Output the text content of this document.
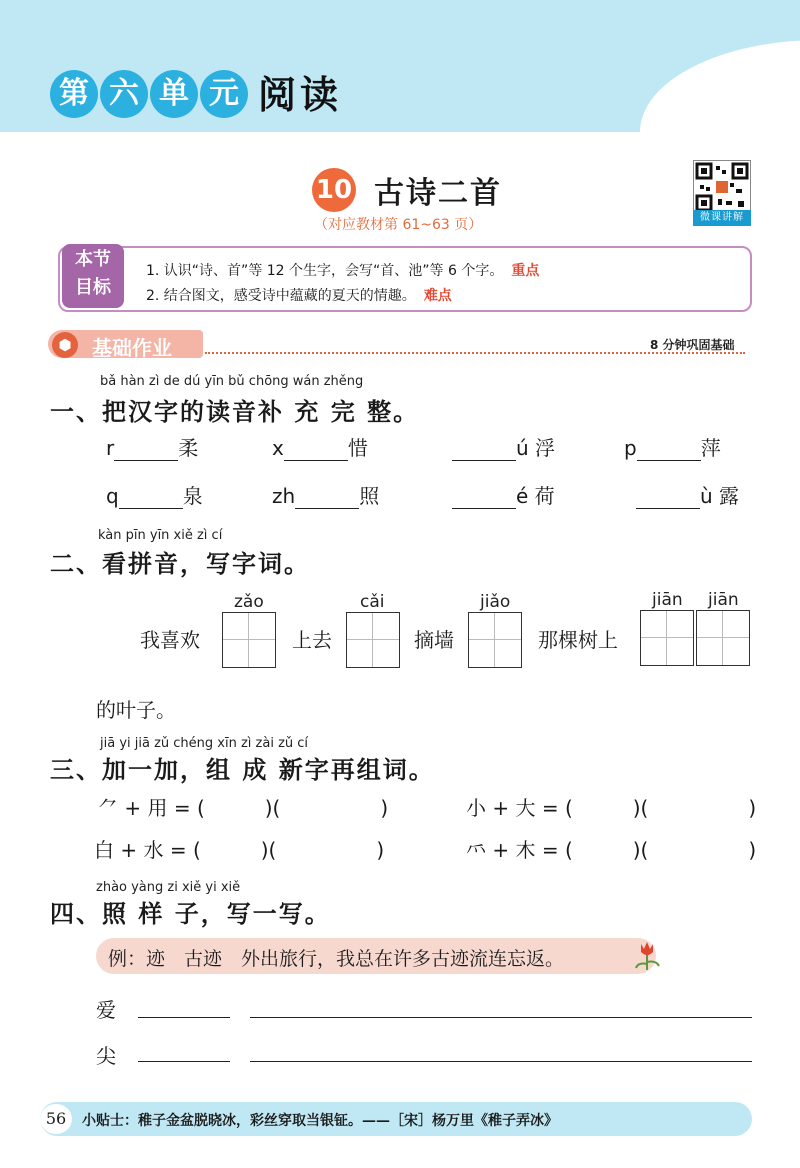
第 六 单 元 阅读
10 古诗二首
（对应教材第 61~63 页）	微课讲解
本节
目标
1. 认识“诗、首”等 12 个生字，会写“首、池”等 6 个字。 重点
2. 结合图文，感受诗中蕴藏的夏天的情趣。 难点
⬢	基础作业	8 分钟巩固基础
bǎ hàn zì de dú yīn bǔ chōng wán zhěng
一、把汉字的读音补 充 完 整。
r	柔	x	惜	ú 浮	p	萍
q	泉	zh	照	é 荷	ù 露
kàn pīn yīn xiě zì cí
二、看拼音，写字词。
zǎo	cǎi	jiǎo	jiān jiān
我喜欢	上去	摘墙	那棵树上
的叶子。
jiā yi jiā zǔ chéng xīn zì zài zǔ cí
三、加一加，组 成 新字再组词。
⺈ + 用 = (　　　)(　　　　　)	小 + 大 = (　　　)(　　　　　)
白 + 水 = (　　　)(　　　　　)	⺤ + 木 = (　　　)(　　　　　)
zhào yàng zi xiě yi xiě
四、照 样 子，写一写。
例：迹　古迹　外出旅行，我总在许多古迹流连忘返。
爱
尖
56	小贴士：稚子金盆脱晓冰，彩丝穿取当银钲。——［宋］杨万里《稚子弄冰》
